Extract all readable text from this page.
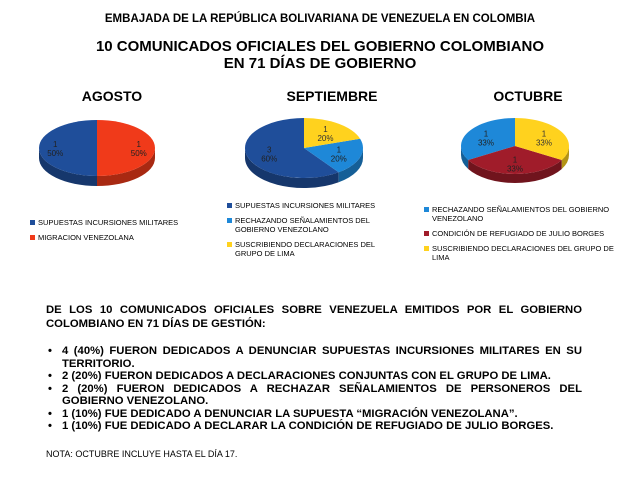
EMBAJADA DE LA REPÚBLICA BOLIVARIANA DE VENEZUELA EN COLOMBIA
10 COMUNICADOS OFICIALES DEL GOBIERNO COLOMBIANO
EN 71 DÍAS DE GOBIERNO
AGOSTO
1
50%
1
50%
SUPUESTAS INCURSIONES MILITARES
MIGRACION VENEZOLANA
SEPTIEMBRE
3
60%
1
20%
1
20%
SUPUESTAS INCURSIONES MILITARES
RECHAZANDO SEÑALAMIENTOS DEL GOBIERNO VENEZOLANO
SUSCRIBIENDO DECLARACIONES DEL GRUPO DE LIMA
OCTUBRE
1
33%
1
33%
1
33%
RECHAZANDO SEÑALAMIENTOS DEL GOBIERNO VENEZOLANO
CONDICIÓN DE REFUGIADO DE JULIO BORGES
SUSCRIBIENDO DECLARACIONES DEL GRUPO DE LIMA
DE LOS 10 COMUNICADOS OFICIALES SOBRE VENEZUELA EMITIDOS POR EL GOBIERNO COLOMBIANO EN 71 DÍAS DE GESTIÓN:
• 4 (40%) FUERON DEDICADOS A DENUNCIAR SUPUESTAS INCURSIONES MILITARES EN SU TERRITORIO.
• 2 (20%) FUERON DEDICADOS A DECLARACIONES CONJUNTAS CON EL GRUPO DE LIMA.
• 2 (20%) FUERON DEDICADOS A RECHAZAR SEÑALAMIENTOS DE PERSONEROS DEL GOBIERNO VENEZOLANO.
• 1 (10%) FUE DEDICADO A DENUNCIAR LA SUPUESTA “MIGRACIÓN VENEZOLANA”.
• 1 (10%) FUE DEDICADO A DECLARAR LA CONDICIÓN DE REFUGIADO DE JULIO BORGES.
NOTA: OCTUBRE INCLUYE HASTA EL DÍA 17.
